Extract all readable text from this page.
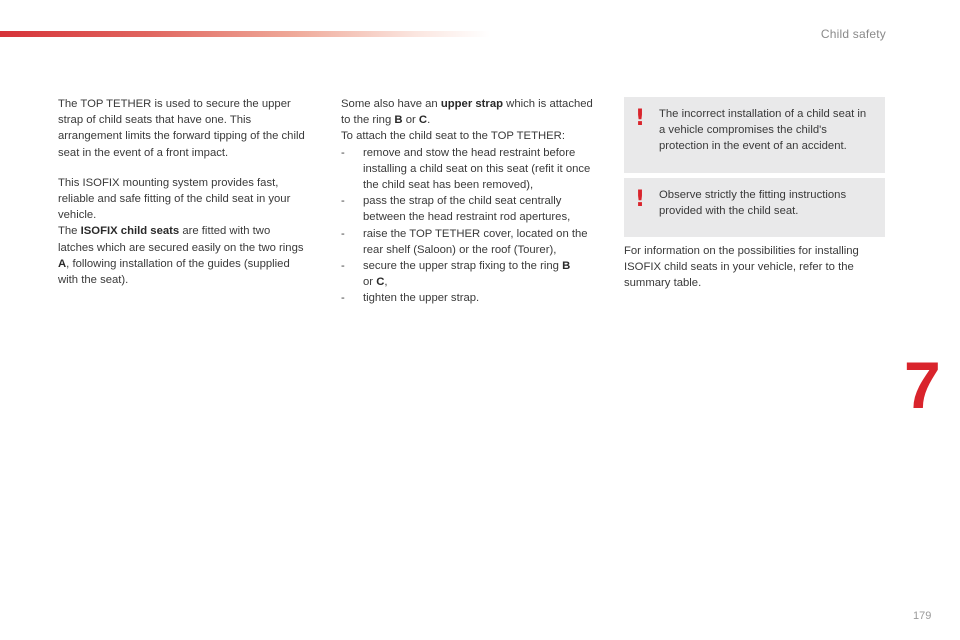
Child safety

The TOP TETHER is used to secure the upper strap of child seats that have one. This arrangement limits the forward tipping of the child seat in the event of a front impact.

This ISOFIX mounting system provides fast, reliable and safe fitting of the child seat in your vehicle.

The ISOFIX child seats are fitted with two latches which are secured easily on the two rings A, following installation of the guides (supplied with the seat).

Some also have an upper strap which is attached to the ring B or C.

To attach the child seat to the TOP TETHER:

- remove and stow the head restraint before installing a child seat on this seat (refit it once the child seat has been removed),

- pass the strap of the child seat centrally between the head restraint rod apertures,

- raise the TOP TETHER cover, located on the rear shelf (Saloon) or the roof (Tourer),

- secure the upper strap fixing to the ring B
or C,

- tighten the upper strap.

! The incorrect installation of a child seat in a vehicle compromises the child's protection in the event of an accident.
! Observe strictly the fitting instructions provided with the child seat.

For information on the possibilities for installing ISOFIX child seats in your vehicle, refer to the summary table.

7
179
